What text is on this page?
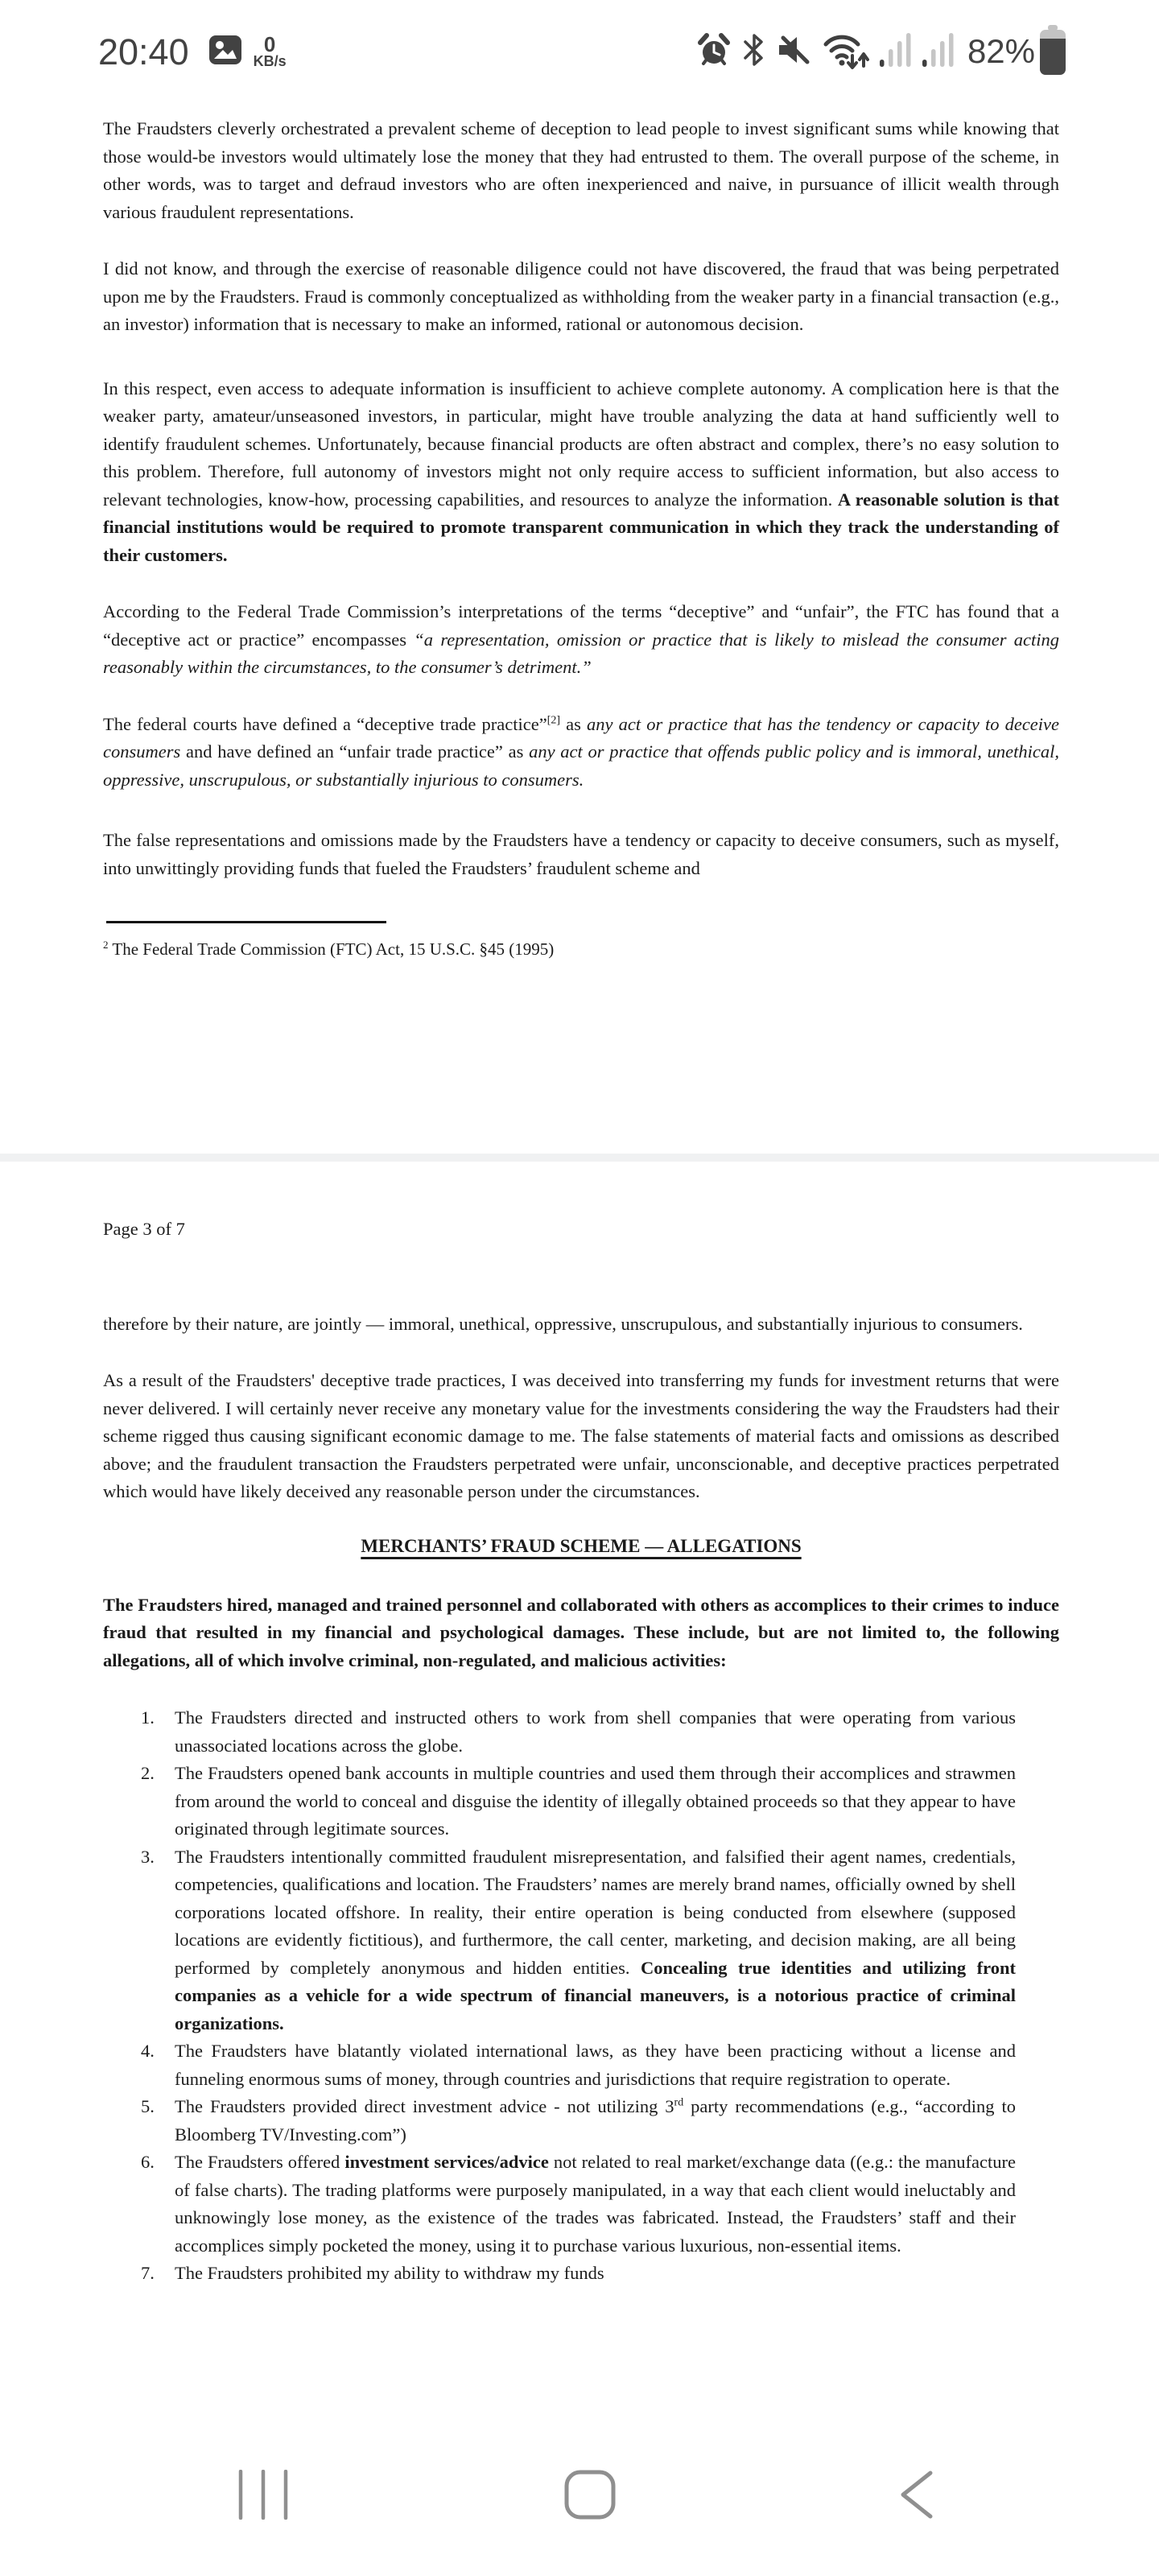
20:40	0
KB/s	82%

The Fraudsters cleverly orchestrated a prevalent scheme of deception to lead people to invest significant sums while knowing that those would-be investors would ultimately lose the money that they had entrusted to them. The overall purpose of the scheme, in other words, was to target and defraud investors who are often inexperienced and naive, in pursuance of illicit wealth through various fraudulent representations.

I did not know, and through the exercise of reasonable diligence could not have discovered, the fraud that was being perpetrated upon me by the Fraudsters. Fraud is commonly conceptualized as withholding from the weaker party in a financial transaction (e.g., an investor) information that is necessary to make an informed, rational or autonomous decision.

In this respect, even access to adequate information is insufficient to achieve complete autonomy. A complication here is that the weaker party, amateur/unseasoned investors, in particular, might have trouble analyzing the data at hand sufficiently well to identify fraudulent schemes. Unfortunately, because financial products are often abstract and complex, there’s no easy solution to this problem. Therefore, full autonomy of investors might not only require access to sufficient information, but also access to relevant technologies, know-how, processing capabilities, and resources to analyze the information. A reasonable solution is that financial institutions would be required to promote transparent communication in which they track the understanding of their customers.

According to the Federal Trade Commission’s interpretations of the terms “deceptive” and “unfair”, the FTC has found that a “deceptive act or practice” encompasses “a representation, omission or practice that is likely to mislead the consumer acting reasonably within the circumstances, to the consumer’s detriment.”

The federal courts have defined a “deceptive trade practice”[2] as any act or practice that has the tendency or capacity to deceive consumers and have defined an “unfair trade practice” as any act or practice that offends public policy and is immoral, unethical, oppressive, unscrupulous, or substantially injurious to consumers.

The false representations and omissions made by the Fraudsters have a tendency or capacity to deceive consumers, such as myself, into unwittingly providing funds that fueled the Fraudsters’ fraudulent scheme and

$^2$ The Federal Trade Commission (FTC) Act, 15 U.S.C. §45 (1995)

Page 3 of 7

therefore by their nature, are jointly — immoral, unethical, oppressive, unscrupulous, and substantially injurious to consumers.

As a result of the Fraudsters' deceptive trade practices, I was deceived into transferring my funds for investment returns that were never delivered. I will certainly never receive any monetary value for the investments considering the way the Fraudsters had their scheme rigged thus causing significant economic damage to me. The false statements of material facts and omissions as described above; and the fraudulent transaction the Fraudsters perpetrated were unfair, unconscionable, and deceptive practices perpetrated which would have likely deceived any reasonable person under the circumstances.

MERCHANTS’ FRAUD SCHEME — ALLEGATIONS

The Fraudsters hired, managed and trained personnel and collaborated with others as accomplices to their crimes to induce fraud that resulted in my financial and psychological damages. These include, but are not limited to, the following allegations, all of which involve criminal, non-regulated, and malicious activities:

1. The Fraudsters directed and instructed others to work from shell companies that were operating from various unassociated locations across the globe.
2. The Fraudsters opened bank accounts in multiple countries and used them through their accomplices and strawmen from around the world to conceal and disguise the identity of illegally obtained proceeds so that they appear to have originated through legitimate sources.
3. The Fraudsters intentionally committed fraudulent misrepresentation, and falsified their agent names, credentials, competencies, qualifications and location. The Fraudsters’ names are merely brand names, officially owned by shell corporations located offshore. In reality, their entire operation is being conducted from elsewhere (supposed locations are evidently fictitious), and furthermore, the call center, marketing, and decision making, are all being performed by completely anonymous and hidden entities. Concealing true identities and utilizing front companies as a vehicle for a wide spectrum of financial maneuvers, is a notorious practice of criminal organizations.
4. The Fraudsters have blatantly violated international laws, as they have been practicing without a license and funneling enormous sums of money, through countries and jurisdictions that require registration to operate.
5. The Fraudsters provided direct investment advice - not utilizing 3rd party recommendations (e.g., “according to Bloomberg TV/Investing.com”)
6. The Fraudsters offered investment services/advice not related to real market/exchange data ((e.g.: the manufacture of false charts). The trading platforms were purposely manipulated, in a way that each client would ineluctably and unknowingly lose money, as the existence of the trades was fabricated. Instead, the Fraudsters’ staff and their accomplices simply pocketed the money, using it to purchase various luxurious, non-essential items.
7. The Fraudsters prohibited my ability to withdraw my funds
